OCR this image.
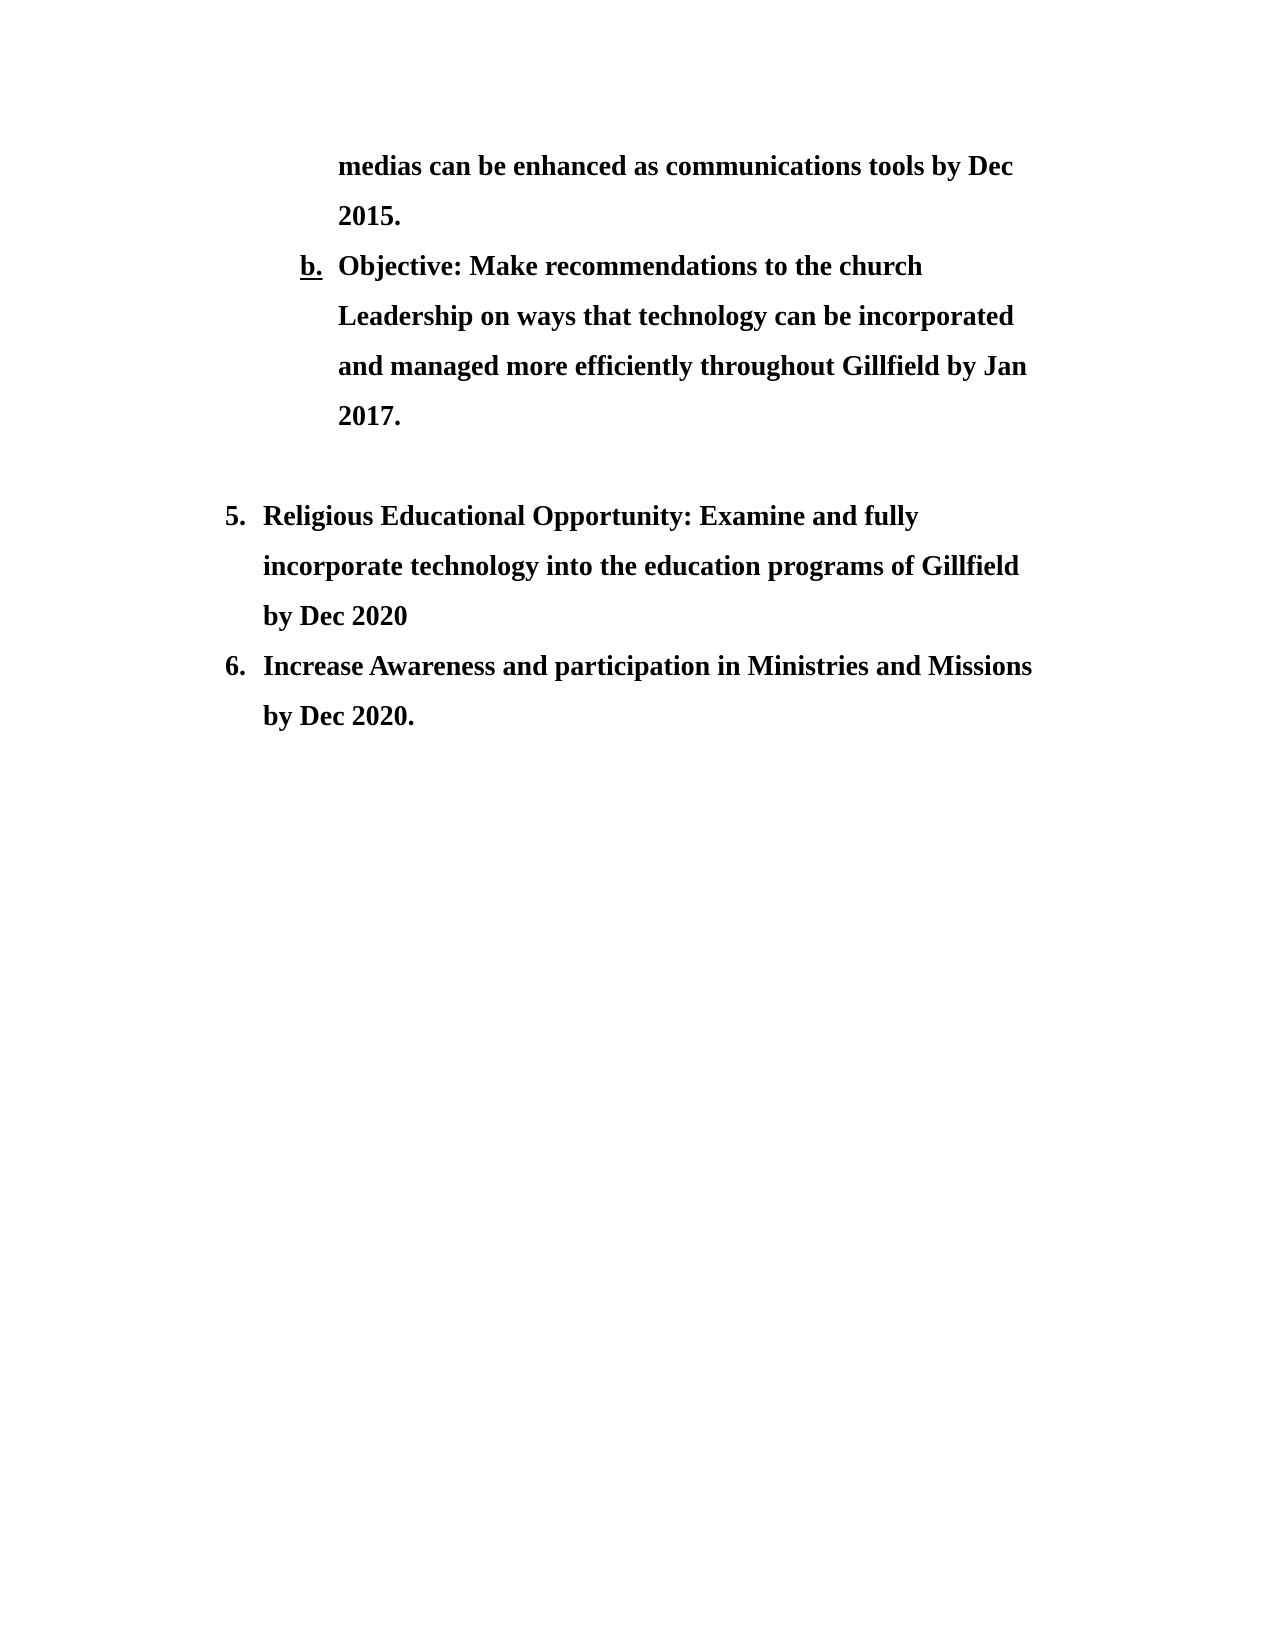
medias can be enhanced as communications tools by Dec
2015.
b. Objective: Make recommendations to the church
Leadership on ways that technology can be incorporated
and managed more efficiently throughout Gillfield by Jan
2017.
5. Religious Educational Opportunity: Examine and fully
incorporate technology into the education programs of Gillfield
by Dec 2020
6. Increase Awareness and participation in Ministries and Missions
by Dec 2020.
